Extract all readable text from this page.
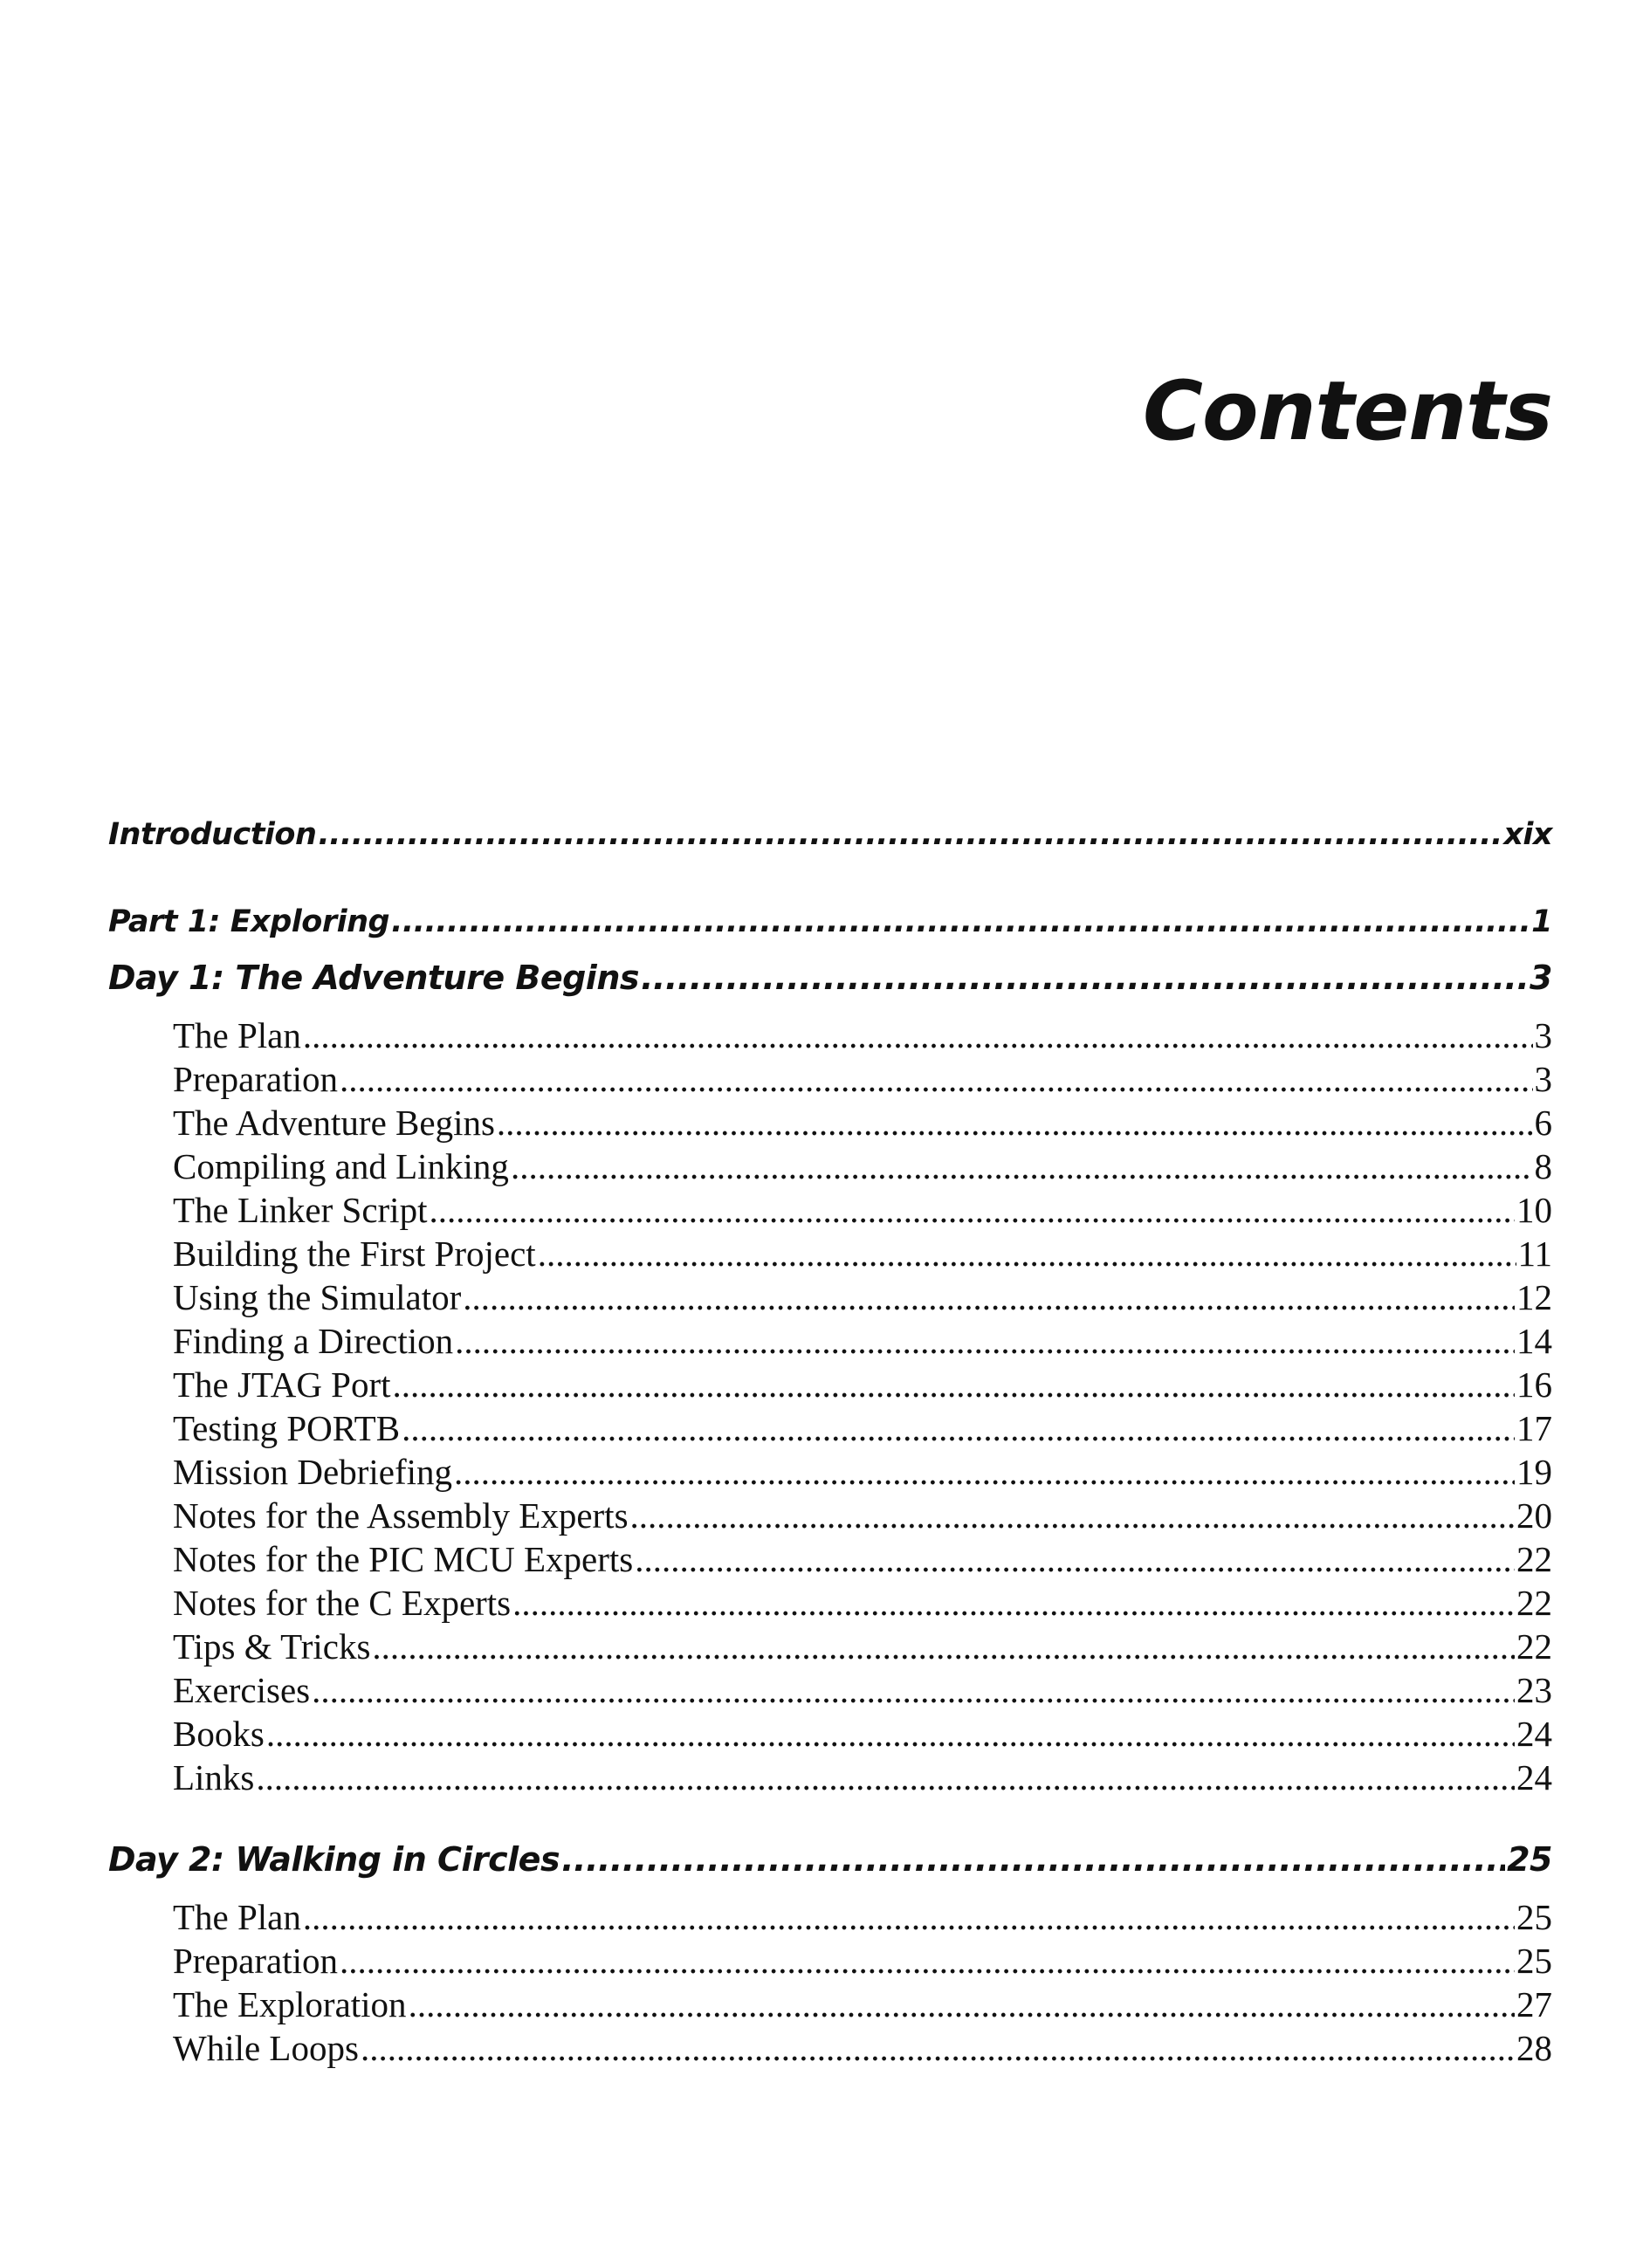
Contents
Introduction .....	xix
Part 1: Exploring .....	1
Day 1: The Adventure Begins .....	3
The Plan .....	3
Preparation .....	3
The Adventure Begins .....	6
Compiling and Linking .....	8
The Linker Script .....	10
Building the First Project .....	11
Using the Simulator .....	12
Finding a Direction .....	14
The JTAG Port .....	16
Testing PORTB .....	17
Mission Debriefing .....	19
Notes for the Assembly Experts .....	20
Notes for the PIC MCU Experts .....	22
Notes for the C Experts .....	22
Tips & Tricks .....	22
Exercises .....	23
Books .....	24
Links .....	24
Day 2: Walking in Circles .....	25
The Plan .....	25
Preparation .....	25
The Exploration .....	27
While Loops .....	28
